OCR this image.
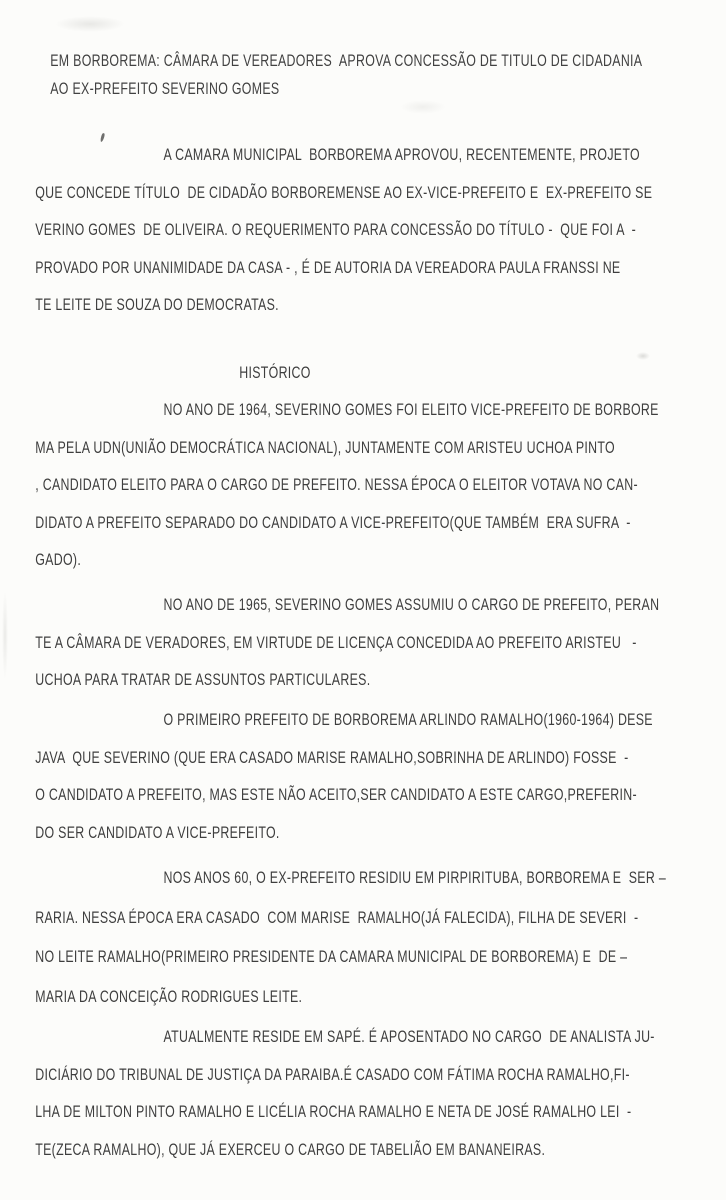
EM BORBOREMA: CÂMARA DE VEREADORES  APROVA CONCESSÃO DE TITULO DE CIDADANIA
AO EX-PREFEITO SEVERINO GOMES
A CAMARA MUNICIPAL  BORBOREMA APROVOU, RECENTEMENTE, PROJETO
QUE CONCEDE TÍTULO  DE CIDADÃO BORBOREMENSE AO EX-VICE-PREFEITO E  EX-PREFEITO SE
VERINO GOMES  DE OLIVEIRA. O REQUERIMENTO PARA CONCESSÃO DO TÍTULO -  QUE FOI A  -
PROVADO POR UNANIMIDADE DA CASA - , É DE AUTORIA DA VEREADORA PAULA FRANSSI NE
TE LEITE DE SOUZA DO DEMOCRATAS.
HISTÓRICO
NO ANO DE 1964, SEVERINO GOMES FOI ELEITO VICE-PREFEITO DE BORBORE
MA PELA UDN(UNIÃO DEMOCRÁTICA NACIONAL), JUNTAMENTE COM ARISTEU UCHOA PINTO
, CANDIDATO ELEITO PARA O CARGO DE PREFEITO. NESSA ÉPOCA O ELEITOR VOTAVA NO CAN-
DIDATO A PREFEITO SEPARADO DO CANDIDATO A VICE-PREFEITO(QUE TAMBÉM  ERA SUFRA  -
GADO).
NO ANO DE 1965, SEVERINO GOMES ASSUMIU O CARGO DE PREFEITO, PERAN
TE A CÂMARA DE VERADORES, EM VIRTUDE DE LICENÇA CONCEDIDA AO PREFEITO ARISTEU   -
UCHOA PARA TRATAR DE ASSUNTOS PARTICULARES.
O PRIMEIRO PREFEITO DE BORBOREMA ARLINDO RAMALHO(1960-1964) DESE
JAVA  QUE SEVERINO (QUE ERA CASADO MARISE RAMALHO,SOBRINHA DE ARLINDO) FOSSE  -
O CANDIDATO A PREFEITO, MAS ESTE NÃO ACEITO,SER CANDIDATO A ESTE CARGO,PREFERIN-
DO SER CANDIDATO A VICE-PREFEITO.
NOS ANOS 60, O EX-PREFEITO RESIDIU EM PIRPIRITUBA, BORBOREMA E  SER –
RARIA. NESSA ÉPOCA ERA CASADO  COM MARISE  RAMALHO(JÁ FALECIDA), FILHA DE SEVERI  -
NO LEITE RAMALHO(PRIMEIRO PRESIDENTE DA CAMARA MUNICIPAL DE BORBOREMA) E  DE –
MARIA DA CONCEIÇÃO RODRIGUES LEITE.
ATUALMENTE RESIDE EM SAPÉ. É APOSENTADO NO CARGO  DE ANALISTA JU-
DICIÁRIO DO TRIBUNAL DE JUSTIÇA DA PARAIBA.É CASADO COM FÁTIMA ROCHA RAMALHO,FI-
LHA DE MILTON PINTO RAMALHO E LICÉLIA ROCHA RAMALHO E NETA DE JOSÉ RAMALHO LEI  -
TE(ZECA RAMALHO), QUE JÁ EXERCEU O CARGO DE TABELIÃO EM BANANEIRAS.
